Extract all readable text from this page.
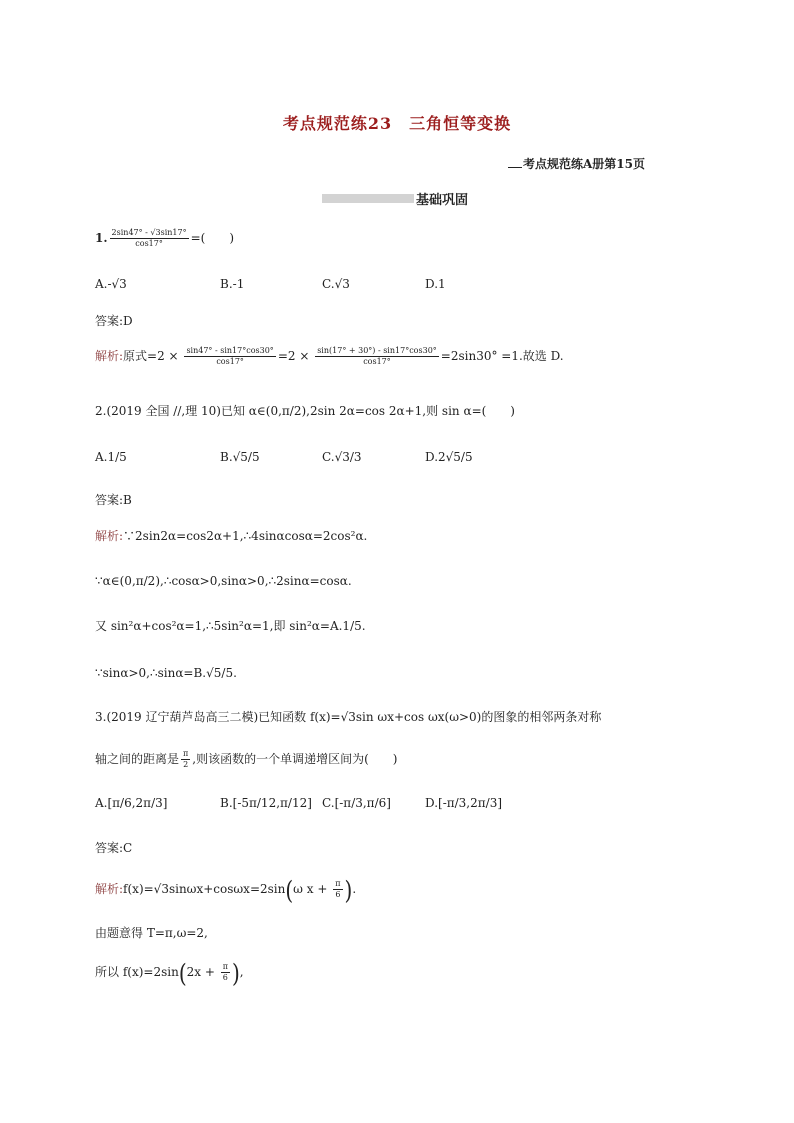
考点规范练23　三角恒等变换
考点规范练A册第15页
基础巩固
1. $\frac{2\sin 47^\circ - √3\sin 17^\circ}{\cos 17^\circ}$ =(　　)
A.-√3	B.-1	C.√3	D.1
答案:D
解析:原式$=2 \times \frac{\sin 47^\circ - \sin 17^\circ\cos 30^\circ}{\cos 17^\circ} =2 \times \frac{\sin(17^\circ + 30^\circ) - \sin 17^\circ\cos 30^\circ}{\cos 17^\circ} =2\sin 30^\circ =1$.故选 D.
2.(2019 全国 //,理 10)已知 α∈(0,π/2),2sin 2α=cos 2α+1,则 sin α=(　　)
A.1/5	B.√5/5	C.√3/3	D.2√5/5
答案:B
解析:∵2sin2α=cos2α+1,∴4sinαcosα=2cos²α.
∵α∈(0,π/2),∴cosα>0,sinα>0,∴2sinα=cosα.
又 sin²α+cos²α=1,∴5sin²α=1,即 sin²α=A.1/5.
∵sinα>0,∴sinα=B.√5/5.
3.(2019 辽宁葫芦岛高三二模)已知函数 f(x)=√3sin ωx+cos ωx(ω>0)的图象的相邻两条对称
轴之间的距离是 $\frac{\pi}{2}$ ,则该函数的一个单调递增区间为(　　)
A.[π/6,2π/3]	B.[-5π/12,π/12] C.[-π/3,π/6]	D.[-π/3,2π/3]
答案:C
解析:f(x)=√3sinωx+cosωx=2sin(ω $x + \frac{\pi}{6}$ ).
由题意得 T=π,ω=2,
所以 $f(x)=2\sin(2x + \frac{\pi}{6}$ ),
